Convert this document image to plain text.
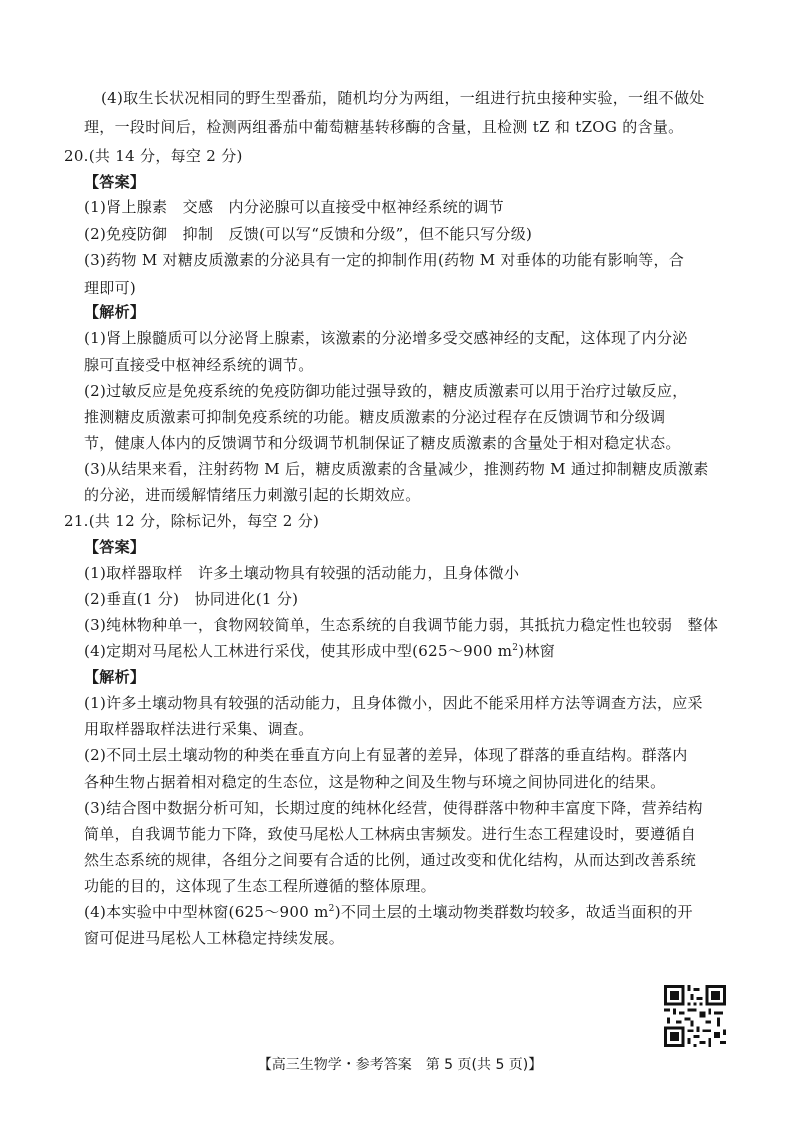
(4)取生长状况相同的野生型番茄，随机均分为两组，一组进行抗虫接种实验，一组不做处
理，一段时间后，检测两组番茄中葡萄糖基转移酶的含量，且检测 tZ 和 tZOG 的含量。
20.(共 14 分，每空 2 分)
【答案】
(1)肾上腺素　交感　内分泌腺可以直接受中枢神经系统的调节
(2)免疫防御　抑制　反馈(可以写“反馈和分级”，但不能只写分级)
(3)药物 M 对糖皮质激素的分泌具有一定的抑制作用(药物 M 对垂体的功能有影响等，合
理即可)
【解析】
(1)肾上腺髓质可以分泌肾上腺素，该激素的分泌增多受交感神经的支配，这体现了内分泌
腺可直接受中枢神经系统的调节。
(2)过敏反应是免疫系统的免疫防御功能过强导致的，糖皮质激素可以用于治疗过敏反应，
推测糖皮质激素可抑制免疫系统的功能。糖皮质激素的分泌过程存在反馈调节和分级调
节，健康人体内的反馈调节和分级调节机制保证了糖皮质激素的含量处于相对稳定状态。
(3)从结果来看，注射药物 M 后，糖皮质激素的含量减少，推测药物 M 通过抑制糖皮质激素
的分泌，进而缓解情绪压力刺激引起的长期效应。
21.(共 12 分，除标记外，每空 2 分)
【答案】
(1)取样器取样　许多土壤动物具有较强的活动能力，且身体微小
(2)垂直(1 分)　协同进化(1 分)
(3)纯林物种单一，食物网较简单，生态系统的自我调节能力弱，其抵抗力稳定性也较弱　整体
(4)定期对马尾松人工林进行采伐，使其形成中型(625～900 $m^2$)林窗
【解析】
(1)许多土壤动物具有较强的活动能力，且身体微小，因此不能采用样方法等调查方法，应采
用取样器取样法进行采集、调查。
(2)不同土层土壤动物的种类在垂直方向上有显著的差异，体现了群落的垂直结构。群落内
各种生物占据着相对稳定的生态位，这是物种之间及生物与环境之间协同进化的结果。
(3)结合图中数据分析可知，长期过度的纯林化经营，使得群落中物种丰富度下降，营养结构
简单，自我调节能力下降，致使马尾松人工林病虫害频发。进行生态工程建设时，要遵循自
然生态系统的规律，各组分之间要有合适的比例，通过改变和优化结构，从而达到改善系统
功能的目的，这体现了生态工程所遵循的整体原理。
(4)本实验中中型林窗(625～900 $m^2$)不同土层的土壤动物类群数均较多，故适当面积的开
窗可促进马尾松人工林稳定持续发展。
【高三生物学・参考答案　第 5 页(共 5 页)】
